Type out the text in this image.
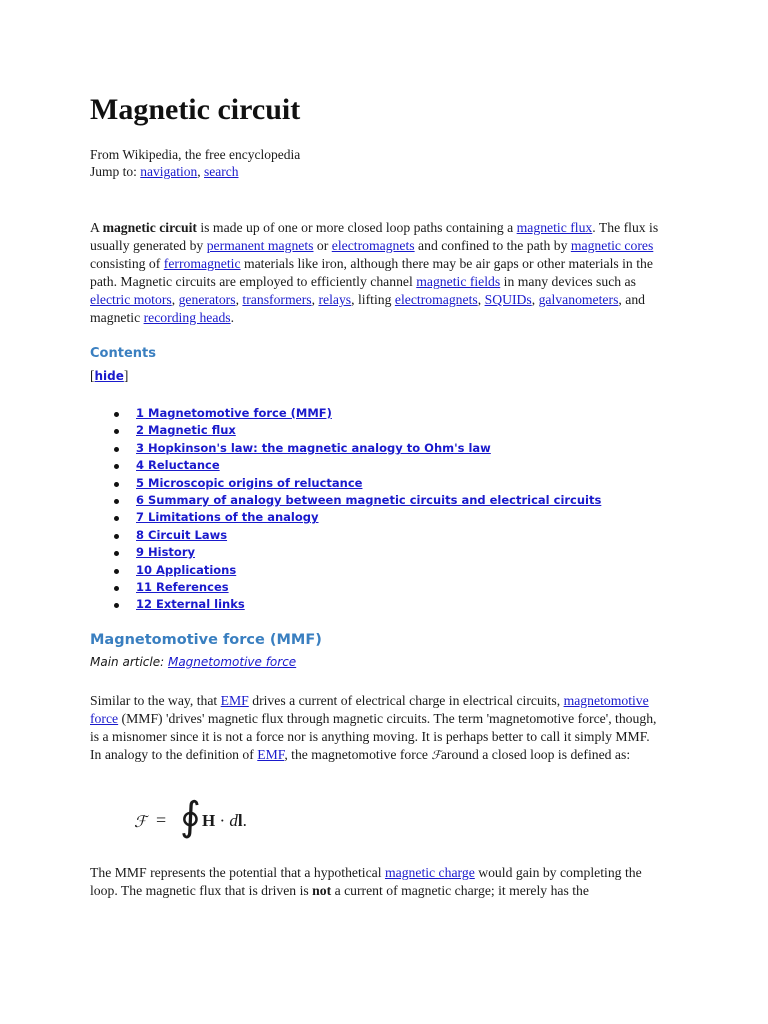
Magnetic circuit
From Wikipedia, the free encyclopedia
Jump to: navigation, search

A magnetic circuit is made up of one or more closed loop paths containing a magnetic flux. The flux is usually generated by permanent magnets or electromagnets and confined to the path by magnetic cores consisting of ferromagnetic materials like iron, although there may be air gaps or other materials in the path. Magnetic circuits are employed to efficiently channel magnetic fields in many devices such as electric motors, generators, transformers, relays, lifting electromagnets, SQUIDs, galvanometers, and magnetic recording heads.

Contents
[hide]
1 Magnetomotive force (MMF)
2 Magnetic flux
3 Hopkinson's law: the magnetic analogy to Ohm's law
4 Reluctance
5 Microscopic origins of reluctance
6 Summary of analogy between magnetic circuits and electrical circuits
7 Limitations of the analogy
8 Circuit Laws
9 History
10 Applications
11 References
12 External links
Magnetomotive force (MMF)
Main article: Magnetomotive force

Similar to the way, that EMF drives a current of electrical charge in electrical circuits, magnetomotive force (MMF) 'drives' magnetic flux through magnetic circuits. The term 'magnetomotive force', though, is a misnomer since it is not a force nor is anything moving. It is perhaps better to call it simply MMF. In analogy to the definition of EMF, the magnetomotive force ℱaround a closed loop is defined as:

ℱ = ∮ H · dl.

The MMF represents the potential that a hypothetical magnetic charge would gain by completing the loop. The magnetic flux that is driven is not a current of magnetic charge; it merely has the
